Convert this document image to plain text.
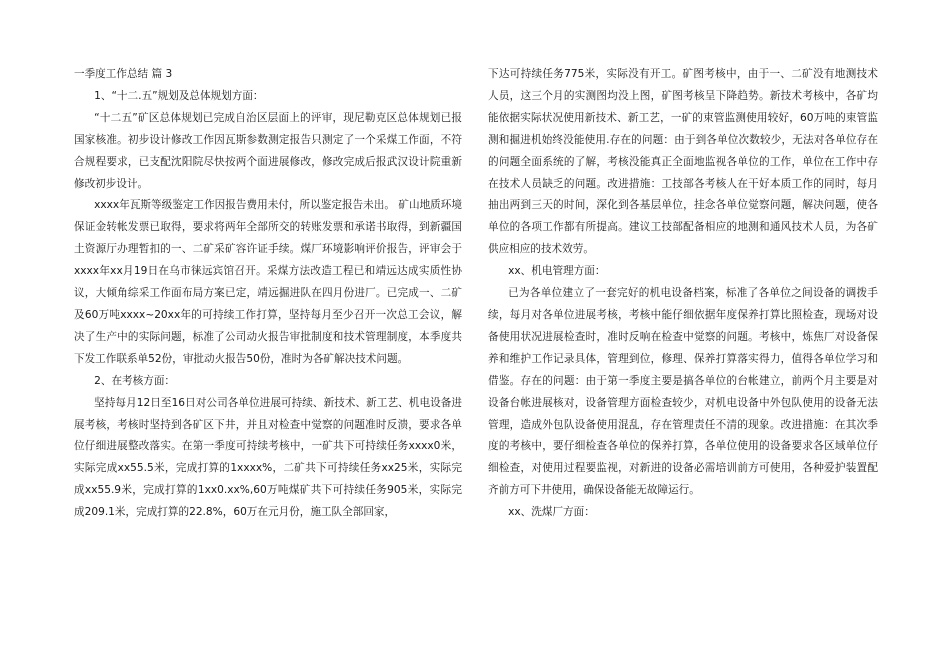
一季度工作总结 篇 3

1、“十二.五”规划及总体规划方面：

“十二五”矿区总体规划已完成自治区层面上的评审，现尼勒克区总体规划已报国家核准。初步设计修改工作因瓦斯参数测定报告只测定了一个采煤工作面，不符合规程要求，已支配沈阳院尽快按两个面进展修改，修改完成后报武汉设计院重新修改初步设计。

xxxx年瓦斯等级鉴定工作因报告费用未付，所以鉴定报告未出。 矿山地质环境保证金转帐发票已取得，要求将两年全部所交的转账发票和承诺书取得，到新疆国土资源厅办理暂扣的一、二矿采矿容许证手续。煤厂环境影响评价报告，评审会于xxxx年xx月19日在乌市徕远宾馆召开。采煤方法改造工程已和靖远达成实质性协议，大倾角综采工作面布局方案已定，靖远掘进队在四月份进厂。已完成一、二矿及60万吨xxxx~20xx年的可持续工作打算，坚持每月至少召开一次总工会议，解决了生产中的实际问题，标准了公司动火报告审批制度和技术管理制度，本季度共下发工作联系单52份，审批动火报告50份，准时为各矿解决技术问题。

2、在考核方面：

坚持每月12日至16日对公司各单位进展可持续、新技术、新工艺、机电设备进展考核，考核时坚持到各矿区下井，并且对检查中觉察的问题准时反溃，要求各单位仔细进展整改落实。在第一季度可持续考核中，一矿共下可持续任务xxxx0米，实际完成xx55.5米，完成打算的1xxxx%，二矿共下可持续任务xx25米，实际完成xx55.9米，完成打算的1xx0.xx%,60万吨煤矿共下可持续任务905米，实际完成209.1米，完成打算的22.8%，60万在元月份，施工队全部回家，

下达可持续任务775米，实际没有开工。矿图考核中，由于一、二矿没有地测技术人员，这三个月的实测图均没上图，矿图考核呈下降趋势。新技术考核中，各矿均能依据实际状况使用新技术、新工艺，一矿的束管监测使用较好，60万吨的束管监测和掘进机始终没能使用.存在的问题：由于到各单位次数较少，无法对各单位存在的问题全面系统的了解，考核没能真正全面地监视各单位的工作，单位在工作中存在技术人员缺乏的问题。改进措施：工技部各考核人在干好本质工作的同时，每月抽出两到三天的时间，深化到各基层单位，挂念各单位觉察问题，解决问题，使各单位的各项工作都有所提高。建议工技部配备相应的地测和通风技术人员，为各矿供应相应的技术效劳。

xx、机电管理方面：

已为各单位建立了一套完好的机电设备档案，标准了各单位之间设备的调拨手续，每月对各单位进展考核，考核中能仔细依据年度保养打算比照检查，现场对设备使用状况进展检查时，准时反响在检查中觉察的问题。考核中，炼焦厂对设备保养和维护工作记录具体，管理到位，修理、保养打算落实得力，值得各单位学习和借鉴。存在的问题：由于第一季度主要是搞各单位的台帐建立，前两个月主要是对设备台帐进展核对，设备管理方面检查较少，对机电设备中外包队使用的设备无法管理，造成外包队设备使用混乱，存在管理责任不清的现象。改进措施：在其次季度的考核中，要仔细检查各单位的保养打算，各单位使用的设备要求各区域单位仔细检查，对使用过程要监视，对新进的设备必需培训前方可使用，各种爱护装置配齐前方可下井使用，确保设备能无故障运行。

xx、洗煤厂方面：
